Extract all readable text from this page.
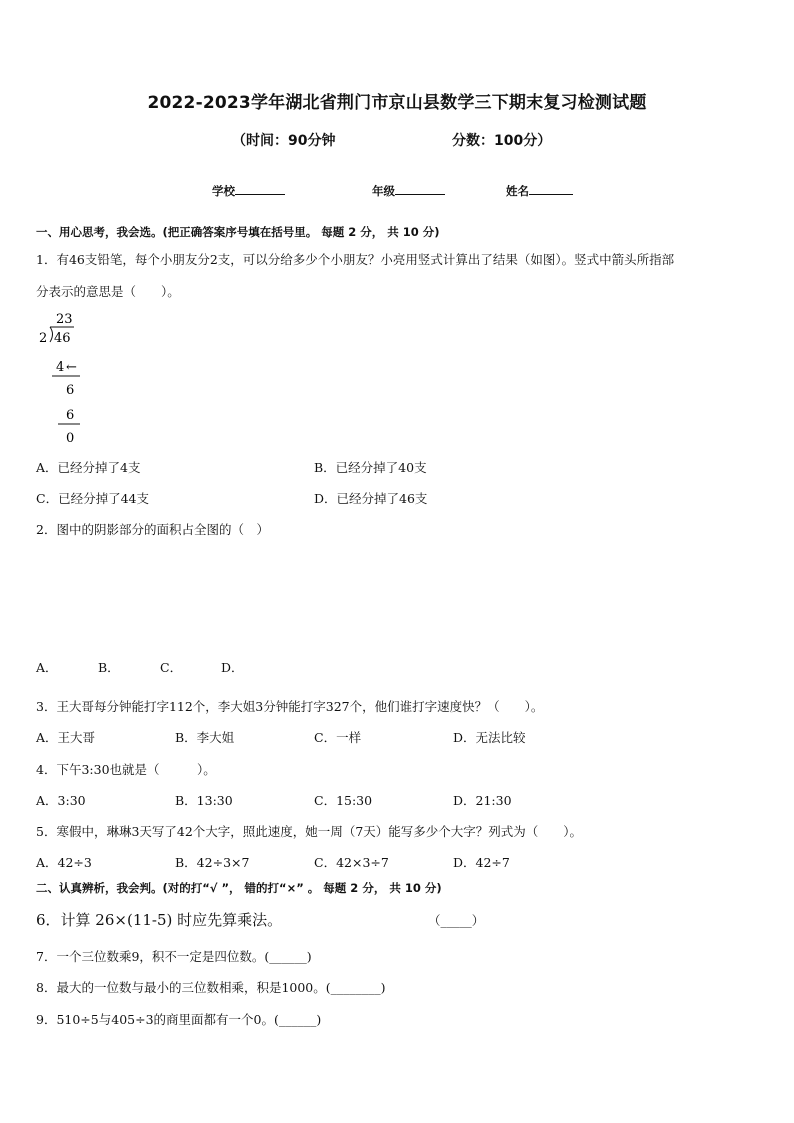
2022-2023学年湖北省荆门市京山县数学三下期末复习检测试题
（时间：90分钟	分数：100分）
学校	年级	姓名
一、用心思考，我会选。(把正确答案序号填在括号里。 每题 2 分， 共 10 分)
1．有46支铅笔，每个小朋友分2支，可以分给多少个小朋友？小亮用竖式计算出了结果（如图）。竖式中箭头所指部
分表示的意思是（　　）。
23
2 46
4 ←
6
6
0
A．已经分掉了4支	B．已经分掉了40支
C．已经分掉了44支	D．已经分掉了46支
2．图中的阴影部分的面积占全图的（　）
A．	B．	C．	D．
3．王大哥每分钟能打字112个，李大姐3分钟能打字327个，他们谁打字速度快？（　　）。
A．王大哥	B．李大姐	C．一样	D．无法比较
4．下午3:30也就是（　　　）。
A．3:30	B．13:30	C．15:30	D．21:30
5．寒假中，琳琳3天写了42个大字，照此速度，她一周（7天）能写多少个大字？列式为（　　）。
A．42÷3	B．42÷3×7	C．42×3÷7	D．42÷7
二、认真辨析，我会判。(对的打“√ ”， 错的打“×” 。 每题 2 分， 共 10 分)
6．计算 26×(11-5) 时应先算乘法。	（_____）
7．一个三位数乘9，积不一定是四位数。(______)
8．最大的一位数与最小的三位数相乘，积是1000。(________)
9．510÷5与405÷3的商里面都有一个0。(______)
